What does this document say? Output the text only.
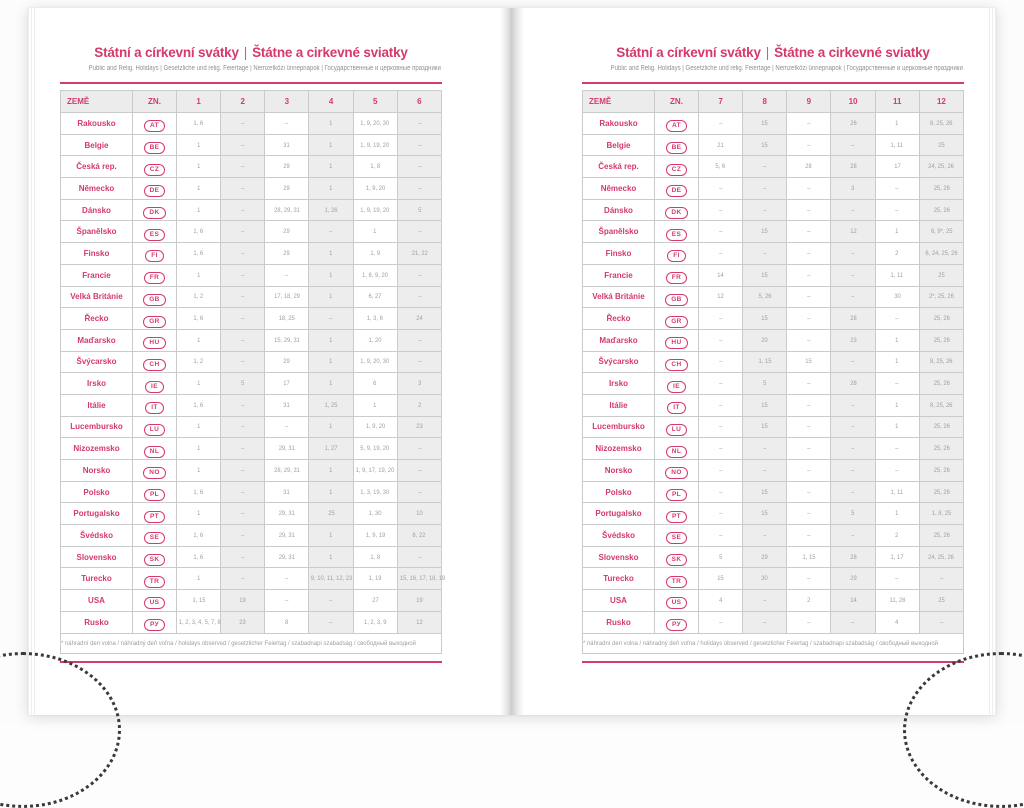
Státní a církevní svátky | Štátne a cirkevné sviatky
Public and Relig. Holidays | Gesetzliche und relig. Feiertage | Nemzetközi ünnepnapok | Государственные и церковные праздники
ZEMĚ	ZN.	1	2	3	4	5	6
Rakousko	AT	1, 6	–	–	1	1, 9, 20, 30	–
Belgie	BE	1	–	31	1	1, 9, 19, 20	–
Česká rep.	CZ	1	–	29	1	1, 8	–
Německo	DE	1	–	29	1	1, 9, 20	–
Dánsko	DK	1	–	28, 29, 31	1, 26	1, 9, 19, 20	5
Španělsko	ES	1, 6	–	29	–	1	–
Finsko	FI	1, 6	–	29	1	1, 9	21, 22
Francie	FR	1	–	–	1	1, 8, 9, 20	–
Velká Británie	GB	1, 2	–	17, 18, 29	1	6, 27	–
Řecko	GR	1, 6	–	18, 25	–	1, 3, 6	24
Maďarsko	HU	1	–	15, 29, 31	1	1, 20	–
Švýcarsko	CH	1, 2	–	29	1	1, 9, 20, 30	–
Irsko	IE	1	5	17	1	6	3
Itálie	IT	1, 6	–	31	1, 25	1	2
Lucembursko	LU	1	–	–	1	1, 9, 20	23
Nizozemsko	NL	1	–	29, 31	1, 27	5, 9, 19, 20	–
Norsko	NO	1	–	28, 29, 31	1	1, 9, 17, 19, 20	–
Polsko	PL	1, 6	–	31	1	1, 3, 19, 30	–
Portugalsko	PT	1	–	29, 31	25	1, 30	10
Švédsko	SE	1, 6	–	29, 31	1	1, 9, 19	6, 22
Slovensko	SK	1, 6	–	29, 31	1	1, 8	–
Turecko	TR	1	–	–	9, 10, 11, 12, 23	1, 19	15, 16, 17, 18, 19
USA	US	1, 15	19	–	–	27	19
Rusko	РУ	1, 2, 3, 4, 5, 7, 8	23	8	–	1, 2, 3, 9	12
* náhradní den volna / náhradný deň voľna / holidays observed / gesetzlicher Feiertag / szabadnapi szabadság / свободный выходной							
Státní a církevní svátky | Štátne a cirkevné sviatky
Public and Relig. Holidays | Gesetzliche und relig. Feiertage | Nemzetközi ünnepnapok | Государственные и церковные праздники
ZEMĚ	ZN.	7	8	9	10	11	12
Rakousko	AT	–	15	–	26	1	8, 25, 26
Belgie	BE	21	15	–	–	1, 11	25
Česká rep.	CZ	5, 6	–	28	28	17	24, 25, 26
Německo	DE	–	–	–	3	–	25, 26
Dánsko	DK	–	–	–	–	–	25, 26
Španělsko	ES	–	15	–	12	1	6, 9*, 25
Finsko	FI	–	–	–	–	2	6, 24, 25, 26
Francie	FR	14	15	–	–	1, 11	25
Velká Británie	GB	12	5, 26	–	–	30	2*, 25, 26
Řecko	GR	–	15	–	28	–	25, 26
Maďarsko	HU	–	20	–	23	1	25, 26
Švýcarsko	CH	–	1, 15	15	–	1	8, 25, 26
Irsko	IE	–	5	–	28	–	25, 26
Itálie	IT	–	15	–	–	1	8, 25, 26
Lucembursko	LU	–	15	–	–	1	25, 26
Nizozemsko	NL	–	–	–	–	–	25, 26
Norsko	NO	–	–	–	–	–	25, 26
Polsko	PL	–	15	–	–	1, 11	25, 26
Portugalsko	PT	–	15	–	5	1	1, 8, 25
Švédsko	SE	–	–	–	–	2	25, 26
Slovensko	SK	5	29	1, 15	28	1, 17	24, 25, 26
Turecko	TR	15	30	–	29	–	–
USA	US	4	–	2	14	11, 28	25
Rusko	РУ	–	–	–	–	4	–
* náhradní den volna / náhradný deň voľna / holidays observed / gesetzlicher Feiertag / szabadnapi szabadság / свободный выходной							
